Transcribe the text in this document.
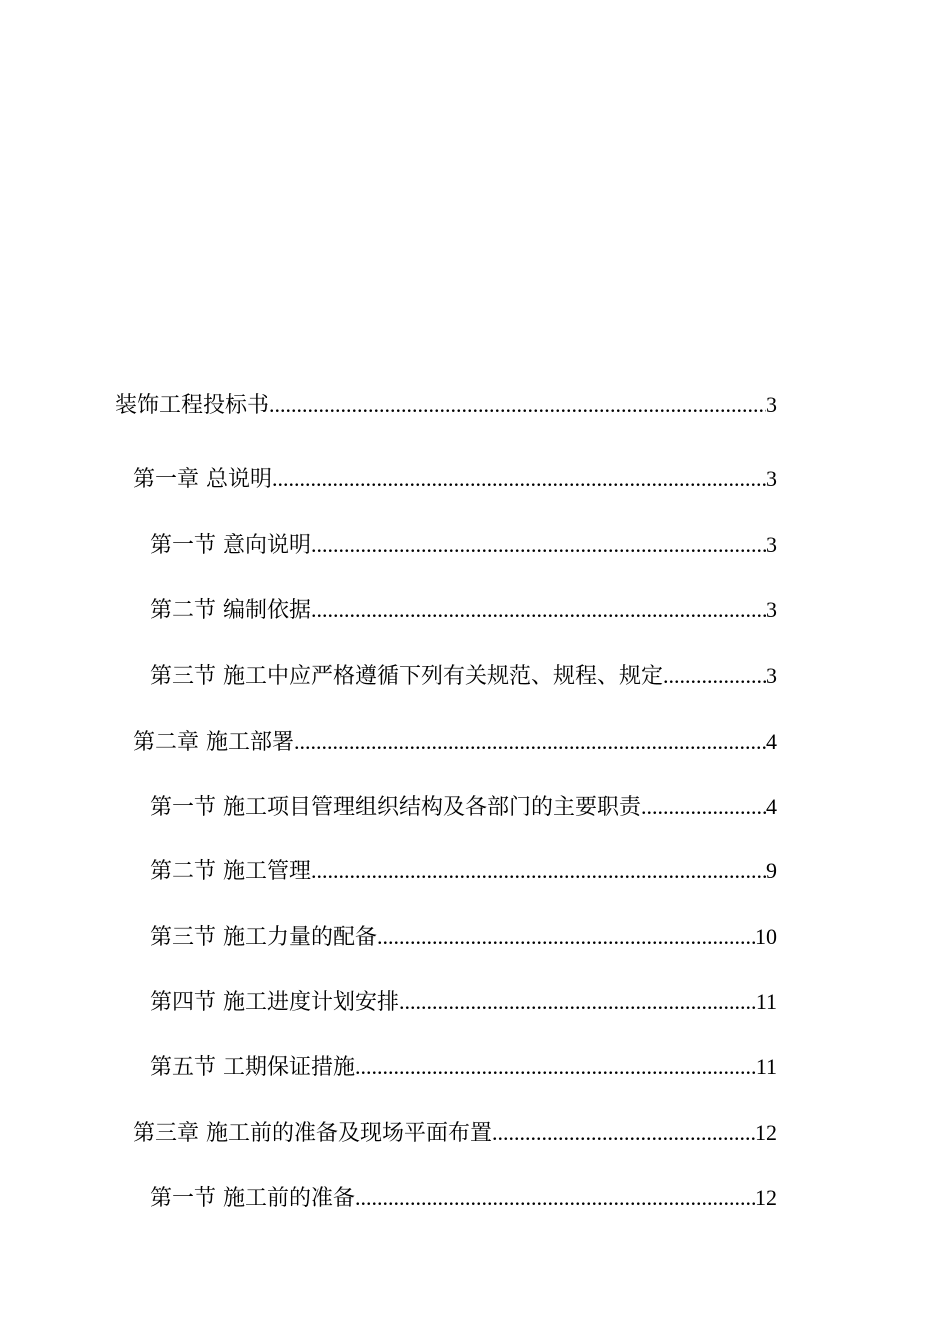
装饰工程投标书 .....	3
第一章 总说明 .....	3
第一节 意向说明 .....	3
第二节 编制依据 .....	3
第三节 施工中应严格遵循下列有关规范、规程、规定 .....	3
第二章 施工部署 .....	4
第一节 施工项目管理组织结构及各部门的主要职责 .....	4
第二节 施工管理 .....	9
第三节 施工力量的配备 .....	10
第四节 施工进度计划安排 .....	11
第五节 工期保证措施 .....	11
第三章 施工前的准备及现场平面布置 .....	12
第一节 施工前的准备 .....	12
